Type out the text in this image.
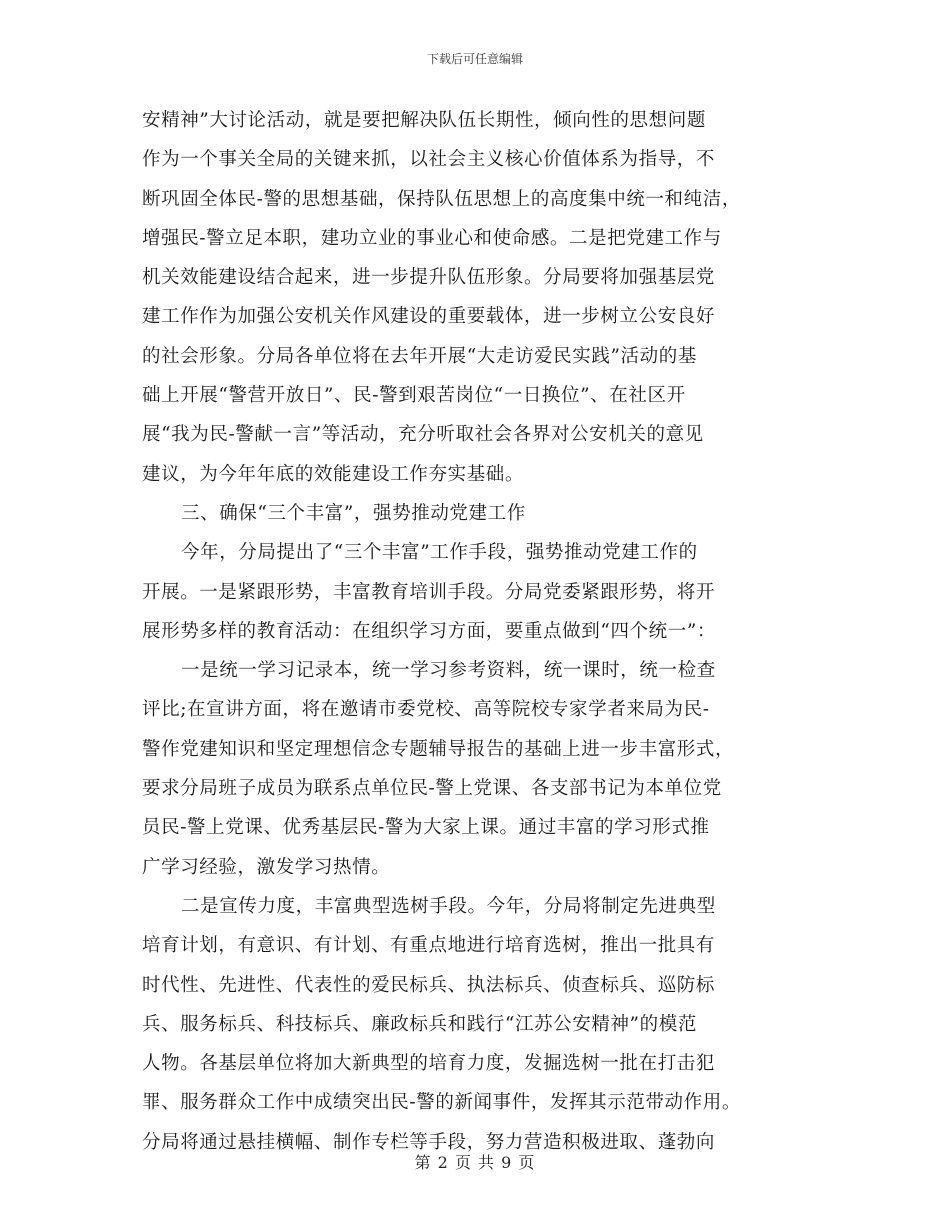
下载后可任意编辑
安精神”大讨论活动，就是要把解决队伍长期性，倾向性的思想问题
作为一个事关全局的关键来抓，以社会主义核心价值体系为指导，不
断巩固全体民-警的思想基础，保持队伍思想上的高度集中统一和纯洁，
增强民-警立足本职，建功立业的事业心和使命感。二是把党建工作与
机关效能建设结合起来，进一步提升队伍形象。分局要将加强基层党
建工作作为加强公安机关作风建设的重要载体，进一步树立公安良好
的社会形象。分局各单位将在去年开展“大走访爱民实践”活动的基
础上开展“警营开放日”、民-警到艰苦岗位“一日换位”、在社区开
展“我为民-警献一言”等活动，充分听取社会各界对公安机关的意见
建议，为今年年底的效能建设工作夯实基础。
三、确保“三个丰富”，强势推动党建工作
今年，分局提出了“三个丰富”工作手段，强势推动党建工作的
开展。一是紧跟形势，丰富教育培训手段。分局党委紧跟形势，将开
展形势多样的教育活动：在组织学习方面，要重点做到“四个统一”：
一是统一学习记录本，统一学习参考资料，统一课时，统一检查
评比;在宣讲方面，将在邀请市委党校、高等院校专家学者来局为民-
警作党建知识和坚定理想信念专题辅导报告的基础上进一步丰富形式，
要求分局班子成员为联系点单位民-警上党课、各支部书记为本单位党
员民-警上党课、优秀基层民-警为大家上课。通过丰富的学习形式推
广学习经验，激发学习热情。
二是宣传力度，丰富典型选树手段。今年，分局将制定先进典型
培育计划，有意识、有计划、有重点地进行培育选树，推出一批具有
时代性、先进性、代表性的爱民标兵、执法标兵、侦查标兵、巡防标
兵、服务标兵、科技标兵、廉政标兵和践行“江苏公安精神”的模范
人物。各基层单位将加大新典型的培育力度，发掘选树一批在打击犯
罪、服务群众工作中成绩突出民-警的新闻事件，发挥其示范带动作用。
分局将通过悬挂横幅、制作专栏等手段，努力营造积极进取、蓬勃向
第 2 页 共 9 页
